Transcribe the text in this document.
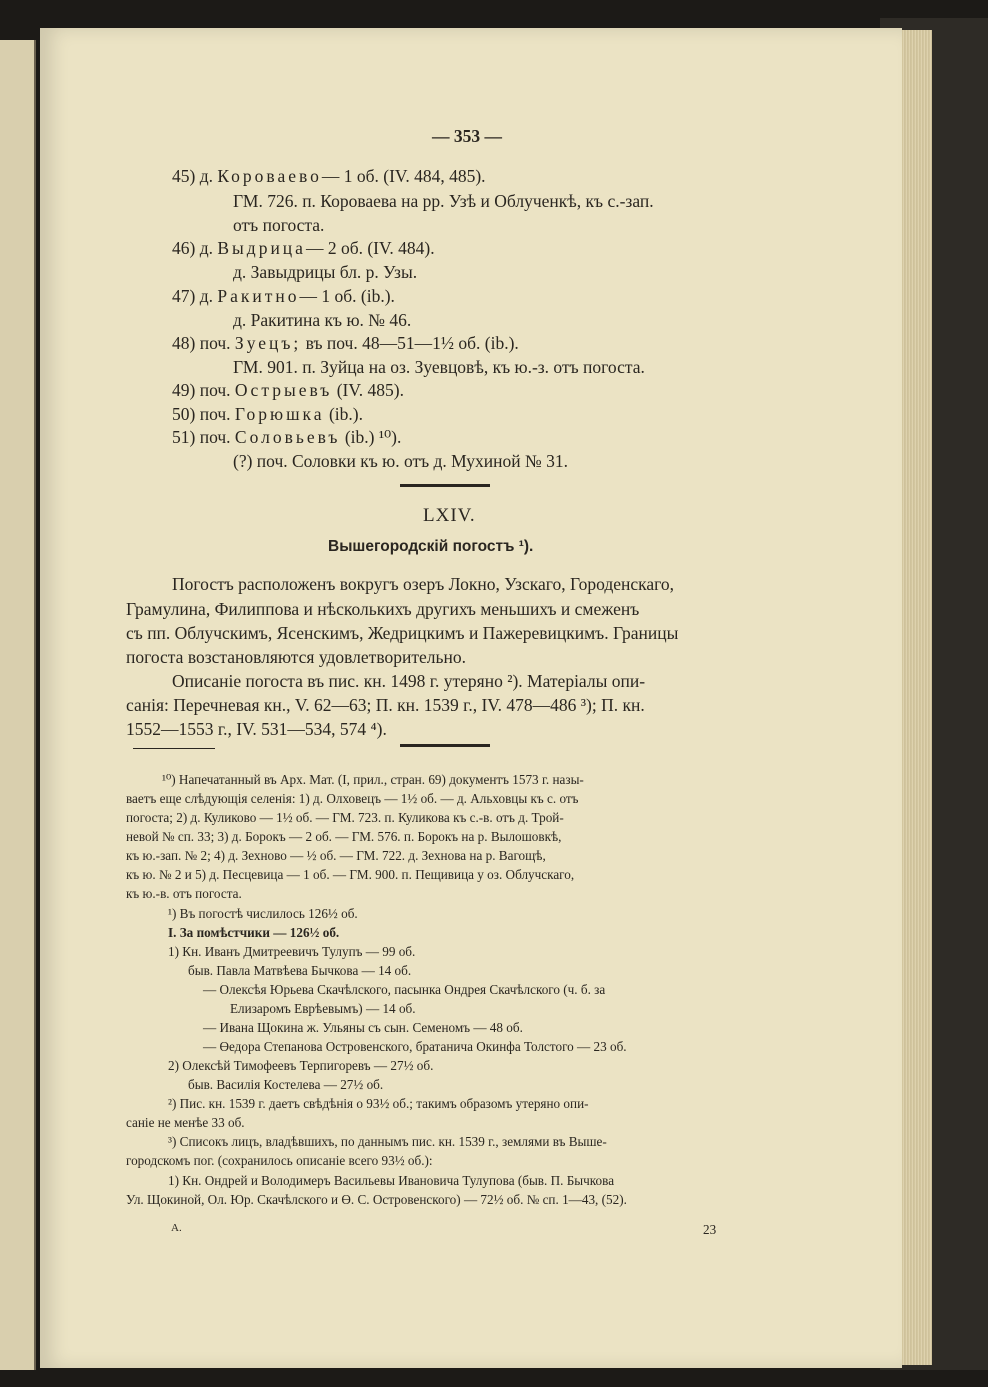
— 353 —
45) д. Короваево— 1 об. (IV. 484, 485).
ГМ. 726. п. Короваева на рр. Узѣ и Облученкѣ, къ с.-зап.
отъ погоста.
46) д. Выдрица— 2 об. (IV. 484).
д. Завыдрицы бл. р. Узы.
47) д. Ракитно— 1 об. (ib.).
д. Ракитина къ ю. № 46.
48) поч. Зуецъ; въ поч. 48—51—1½ об. (ib.).
ГМ. 901. п. Зуйца на оз. Зуевцовѣ, къ ю.-з. отъ погоста.
49) поч. Острыевъ (IV. 485).
50) поч. Горюшка (ib.).
51) поч. Соловьевъ (ib.) ¹⁰).
(?) поч. Соловки къ ю. отъ д. Мухиной № 31.
LXIV.
Вышегородскій погостъ ¹).
Погостъ расположенъ вокругъ озеръ Локно, Узскаго, Городенскаго,
Грамулина, Филиппова и нѣсколькихъ другихъ меньшихъ и смеженъ
съ пп. Облучскимъ, Ясенскимъ, Жедрицкимъ и Пажеревицкимъ. Границы
погоста возстановляются удовлетворительно.
Описаніе погоста въ пис. кн. 1498 г. утеряно ²). Матеріалы опи-
санія: Перечневая кн., V. 62—63; П. кн. 1539 г., IV. 478—486 ³); П. кн.
1552—1553 г., IV. 531—534, 574 ⁴).
¹⁰) Напечатанный въ Арх. Мат. (I, прил., стран. 69) документъ 1573 г. назы-
ваетъ еще слѣдующія селенія: 1) д. Олховецъ — 1½ об. — д. Альховцы къ с. отъ
погоста; 2) д. Куликово — 1½ об. — ГМ. 723. п. Куликова къ с.-в. отъ д. Трой-
невой № сп. 33; 3) д. Борокъ — 2 об. — ГМ. 576. п. Борокъ на р. Вылошовкѣ,
къ ю.-зап. № 2; 4) д. Зехново — ½ об. — ГМ. 722. д. Зехнова на р. Вагощѣ,
къ ю. № 2 и 5) д. Песцевица — 1 об. — ГМ. 900. п. Пещивица у оз. Облучскаго,
къ ю.-в. отъ погоста.
¹) Въ погостѣ числилось 126½ об.
I. За помѣстчики — 126½ об.
1) Кн. Иванъ Дмитреевичъ Тулупъ — 99 об.
быв. Павла Матвѣева Бычкова — 14 об.
— Олексѣя Юрьева Скачѣлского, пасынка Ондрея Скачѣлского (ч. б. за
Елизаромъ Еврѣевымъ) — 14 об.
— Ивана Щокина ж. Ульяны съ сын. Семеномъ — 48 об.
— Өедора Степанова Островенского, братанича Окинфа Толстого — 23 об.
2) Олексѣй Тимофеевъ Терпигоревъ — 27½ об.
быв. Василія Костелева — 27½ об.
²) Пис. кн. 1539 г. даетъ свѣдѣнія о 93½ об.; такимъ образомъ утеряно опи-
саніе не менѣе 33 об.
³) Списокъ лицъ, владѣвшихъ, по даннымъ пис. кн. 1539 г., землями въ Выше-
городскомъ пог. (сохранилось описаніе всего 93½ об.):
1) Кн. Ондрей и Володимеръ Васильевы Ивановича Тулупова (быв. П. Бычкова
Ул. Щокиной, Ол. Юр. Скачѣлского и Ө. С. Островенского) — 72½ об. № сп. 1—43, (52).
А.	23
